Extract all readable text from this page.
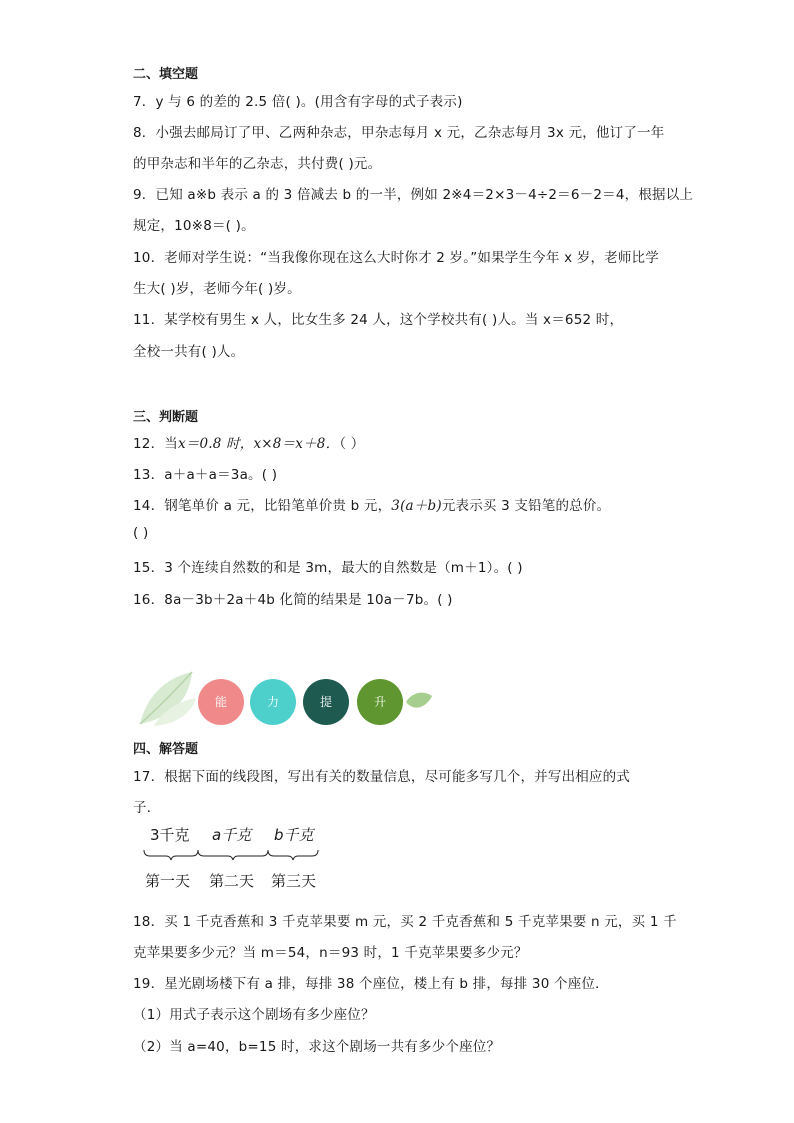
二、填空题
7．y 与 6 的差的 2.5 倍( )。(用含有字母的式子表示)
8．小强去邮局订了甲、乙两种杂志，甲杂志每月 x 元，乙杂志每月 3x 元，他订了一年
的甲杂志和半年的乙杂志，共付费( )元。
9．已知 a※b 表示 a 的 3 倍减去 b 的一半，例如 2※4＝2×3－4÷2＝6－2＝4，根据以上
规定，10※8＝( )。
10．老师对学生说：“当我像你现在这么大时你才 2 岁。”如果学生今年 x 岁，老师比学
生大( )岁，老师今年( )岁。
11．某学校有男生 x 人，比女生多 24 人，这个学校共有( )人。当 x＝652 时，
全校一共有( )人。
三、判断题
12．当x＝0.8 时，x×8＝x＋8．（ ）
13．a＋a＋a＝3a。( )
14．钢笔单价 a 元，比铅笔单价贵 b 元，3(a＋b)元表示买 3 支铅笔的总价。
( )
15．3 个连续自然数的和是 3m，最大的自然数是（m＋1）。( )
16．8a－3b＋2a＋4b 化简的结果是 10a－7b。( )
能	力	提	升
四、解答题
17．根据下面的线段图，写出有关的数量信息，尽可能多写几个，并写出相应的式
子．
3千克 a千克 b千克
第一天 第二天 第三天
18．买 1 千克香蕉和 3 千克苹果要 m 元，买 2 千克香蕉和 5 千克苹果要 n 元，买 1 千
克苹果要多少元？当 m＝54，n＝93 时，1 千克苹果要多少元？
19．星光剧场楼下有 a 排，每排 38 个座位，楼上有 b 排，每排 30 个座位．
（1）用式子表示这个剧场有多少座位？
（2）当 a=40，b=15 时，求这个剧场一共有多少个座位？
